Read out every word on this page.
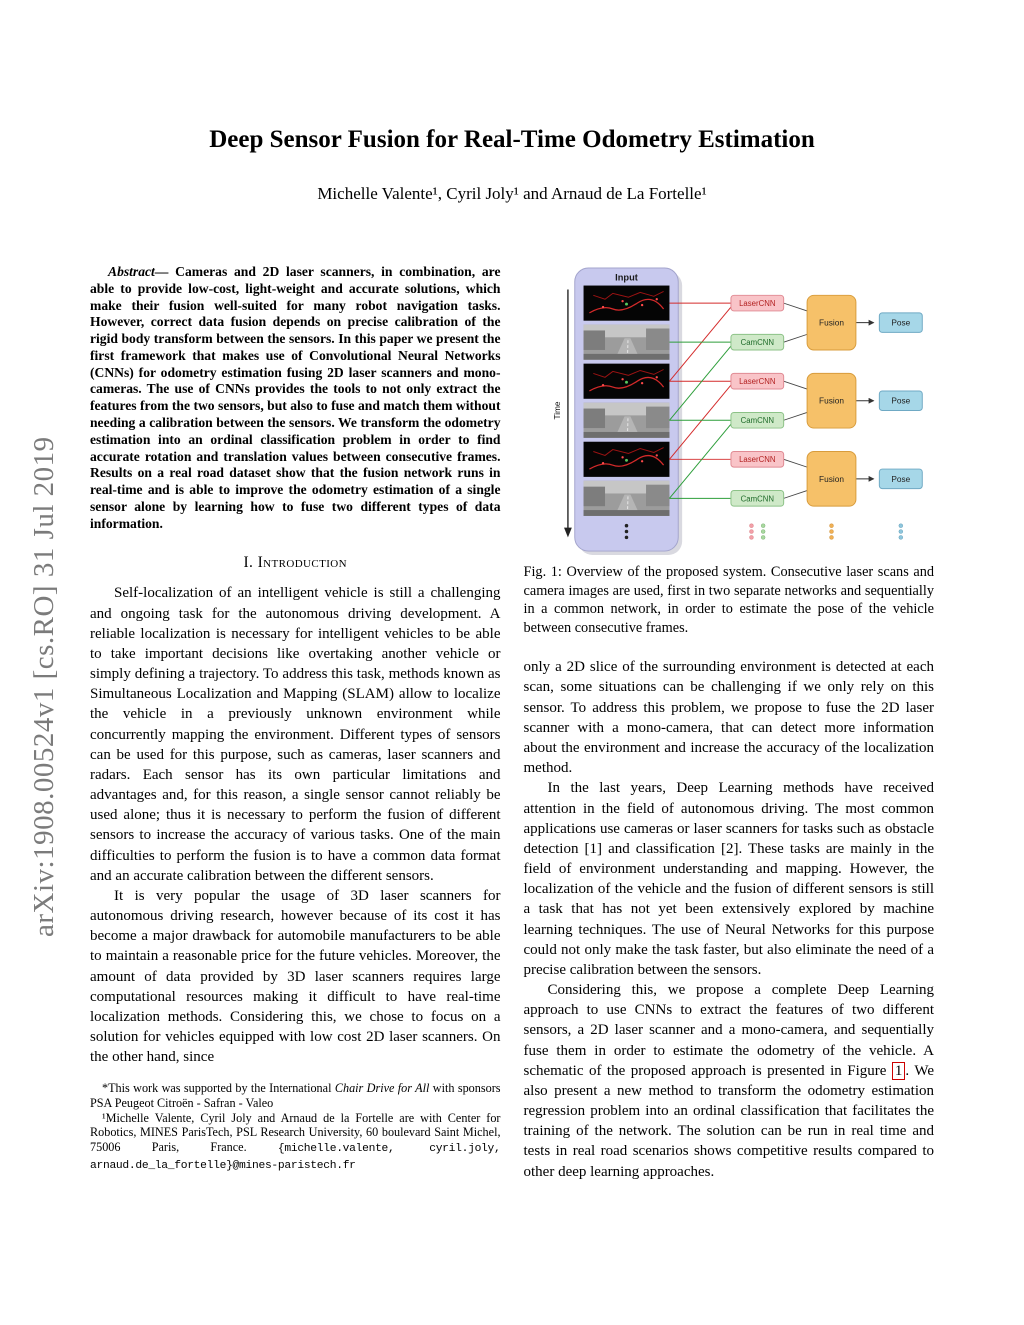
arXiv:1908.00524v1 [cs.RO] 31 Jul 2019
Deep Sensor Fusion for Real-Time Odometry Estimation
Michelle Valente¹, Cyril Joly¹ and Arnaud de La Fortelle¹

Abstract— Cameras and 2D laser scanners, in combination, are able to provide low-cost, light-weight and accurate solutions, which make their fusion well-suited for many robot navigation tasks. However, correct data fusion depends on precise calibration of the rigid body transform between the sensors. In this paper we present the first framework that makes use of Convolutional Neural Networks (CNNs) for odometry estimation fusing 2D laser scanners and mono-cameras. The use of CNNs provides the tools to not only extract the features from the two sensors, but also to fuse and match them without needing a calibration between the sensors. We transform the odometry estimation into an ordinal classification problem in order to find accurate rotation and translation values between consecutive frames. Results on a real road dataset show that the fusion network runs in real-time and is able to improve the odometry estimation of a single sensor alone by learning how to fuse two different types of data information.

I. Introduction

Self-localization of an intelligent vehicle is still a challenging and ongoing task for the autonomous driving development. A reliable localization is necessary for intelligent vehicles to be able to take important decisions like overtaking another vehicle or simply defining a trajectory. To address this task, methods known as Simultaneous Localization and Mapping (SLAM) allow to localize the vehicle in a previously unknown environment while concurrently mapping the environment. Different types of sensors can be used for this purpose, such as cameras, laser scanners and radars. Each sensor has its own particular limitations and advantages and, for this reason, a single sensor cannot reliably be used alone; thus it is necessary to perform the fusion of different sensors to increase the accuracy of various tasks. One of the main difficulties to perform the fusion is to have a common data format and an accurate calibration between the different sensors.

It is very popular the usage of 3D laser scanners for autonomous driving research, however because of its cost it has become a major drawback for automobile manufacturers to be able to maintain a reasonable price for the future vehicles. Moreover, the amount of data provided by 3D laser scanners requires large computational resources making it difficult to have real-time localization methods. Considering this, we chose to focus on a solution for vehicles equipped with low cost 2D laser scanners. On the other hand, since

*This work was supported by the International Chair Drive for All with sponsors PSA Peugeot Citroën - Safran - Valeo

¹Michelle Valente, Cyril Joly and Arnaud de la Fortelle are with Center for Robotics, MINES ParisTech, PSL Research University, 60 boulevard Saint Michel, 75006 Paris, France. {michelle.valente, cyril.joly, arnaud.de_la_fortelle}@mines-paristech.fr

Input
Time
LaserCNN
LaserCNN
LaserCNN
CamCNN
CamCNN
CamCNN
Fusion
Fusion
Fusion
Pose
Pose
Pose

Fig. 1: Overview of the proposed system. Consecutive laser scans and camera images are used, first in two separate networks and sequentially in a common network, in order to estimate the pose of the vehicle between consecutive frames.

only a 2D slice of the surrounding environment is detected at each scan, some situations can be challenging if we only rely on this sensor. To address this problem, we propose to fuse the 2D laser scanner with a mono-camera, that can detect more information about the environment and increase the accuracy of the localization method.

In the last years, Deep Learning methods have received attention in the field of autonomous driving. The most common applications use cameras or laser scanners for tasks such as obstacle detection [1] and classification [2]. These tasks are mainly in the field of environment understanding and mapping. However, the localization of the vehicle and the fusion of different sensors is still a task that has not yet been extensively explored by machine learning techniques. The use of Neural Networks for this purpose could not only make the task faster, but also eliminate the need of a precise calibration between the sensors.

Considering this, we propose a complete Deep Learning approach to use CNNs to extract the features of two different sensors, a 2D laser scanner and a mono-camera, and sequentially fuse them in order to estimate the odometry of the vehicle. A schematic of the proposed approach is presented in Figure 1 . We also present a new method to transform the odometry estimation regression problem into an ordinal classification that facilitates the training of the network. The solution can be run in real time and tests in real road scenarios shows competitive results compared to other deep learning approaches.
